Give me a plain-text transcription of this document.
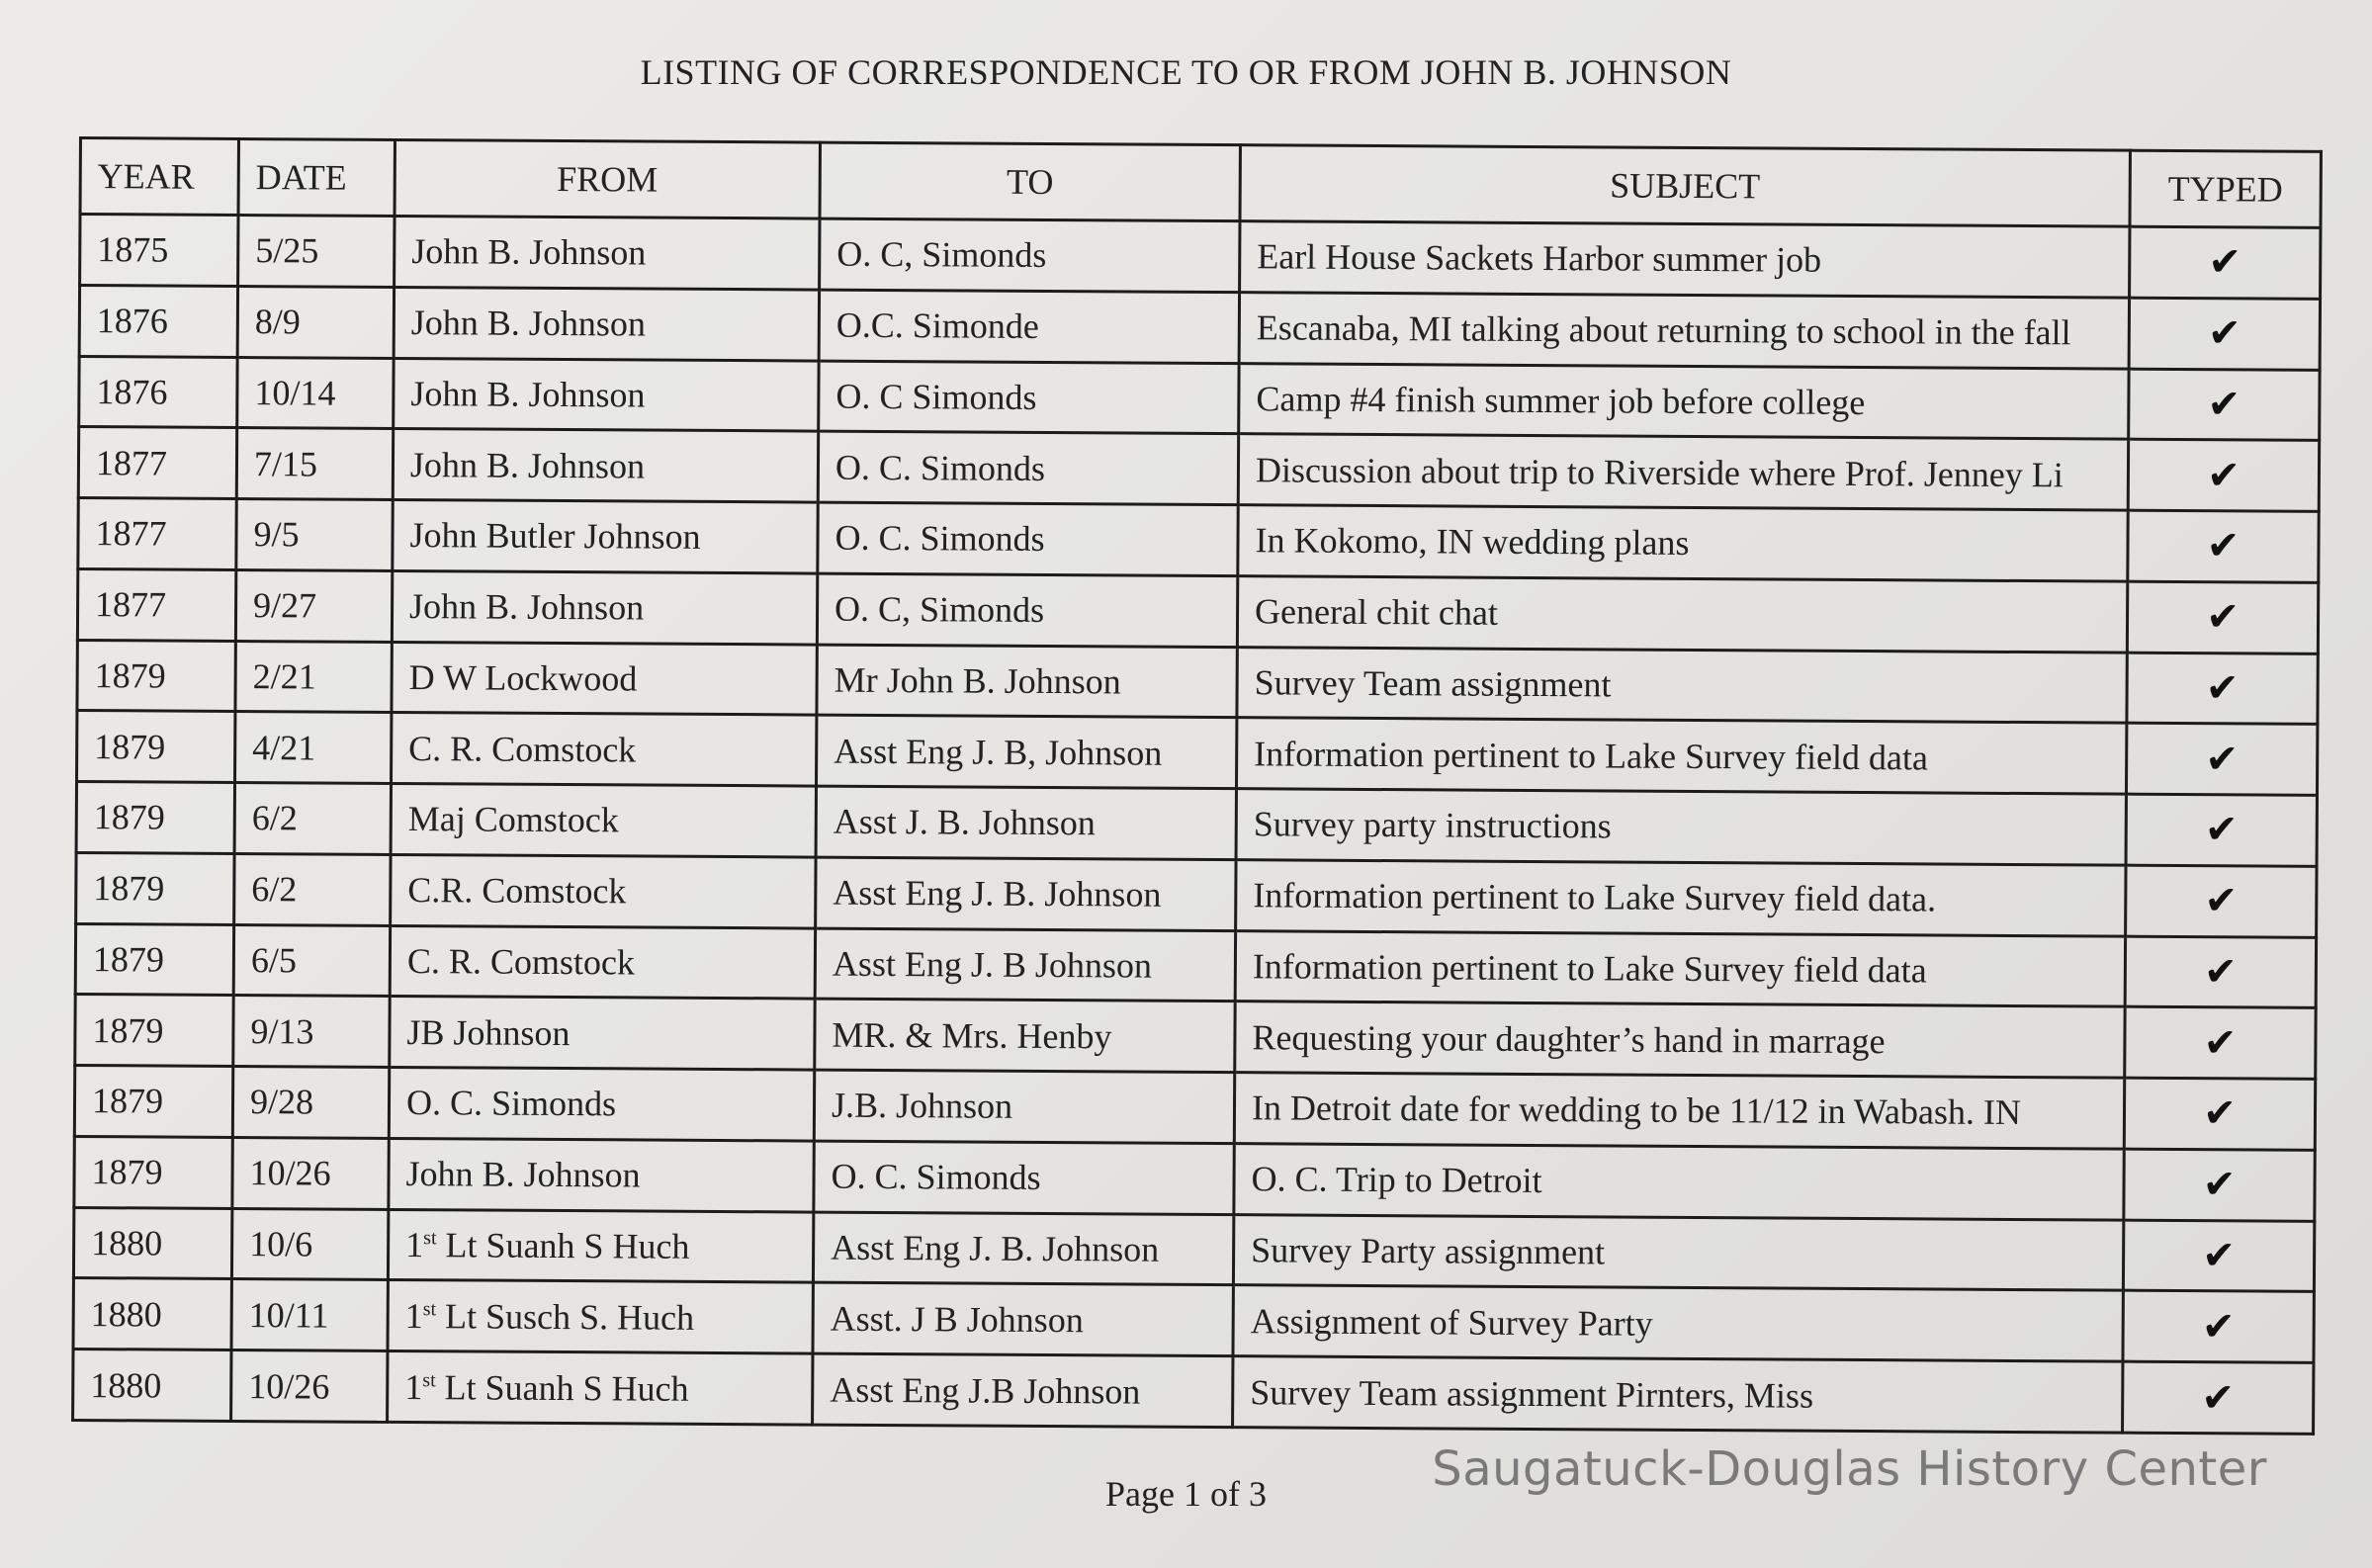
LISTING OF CORRESPONDENCE TO OR FROM JOHN B. JOHNSON
YEAR	DATE	FROM	TO	SUBJECT	TYPED
1875	5/25	John B. Johnson	O. C, Simonds	Earl House Sackets Harbor summer job	✔
1876	8/9	John B. Johnson	O.C. Simonde	Escanaba, MI talking about returning to school in the fall	✔
1876	10/14	John B. Johnson	O. C Simonds	Camp #4 finish summer job before college	✔
1877	7/15	John B. Johnson	O. C. Simonds	Discussion about trip to Riverside where Prof. Jenney Li	✔
1877	9/5	John Butler Johnson	O. C. Simonds	In Kokomo, IN wedding plans	✔
1877	9/27	John B. Johnson	O. C, Simonds	General chit chat	✔
1879	2/21	D W Lockwood	Mr John B. Johnson	Survey Team assignment	✔
1879	4/21	C. R. Comstock	Asst Eng J. B, Johnson	Information pertinent to Lake Survey field data	✔
1879	6/2	Maj Comstock	Asst J. B. Johnson	Survey party instructions	✔
1879	6/2	C.R. Comstock	Asst Eng J. B. Johnson	Information pertinent to Lake Survey field data.	✔
1879	6/5	C. R. Comstock	Asst Eng J. B Johnson	Information pertinent to Lake Survey field data	✔
1879	9/13	JB Johnson	MR. & Mrs. Henby	Requesting your daughter’s hand in marrage	✔
1879	9/28	O. C. Simonds	J.B. Johnson	In Detroit date for wedding to be 11/12 in Wabash. IN	✔
1879	10/26	John B. Johnson	O. C. Simonds	O. C. Trip to Detroit	✔
1880	10/6	1st Lt Suanh S Huch	Asst Eng J. B. Johnson	Survey Party assignment	✔
1880	10/11	1st Lt Susch S. Huch	Asst. J B Johnson	Assignment of Survey Party	✔
1880	10/26	1st Lt Suanh S Huch	Asst Eng J.B Johnson	Survey Team assignment Pirnters, Miss	✔
Page 1 of 3	Saugatuck-Douglas History Center
